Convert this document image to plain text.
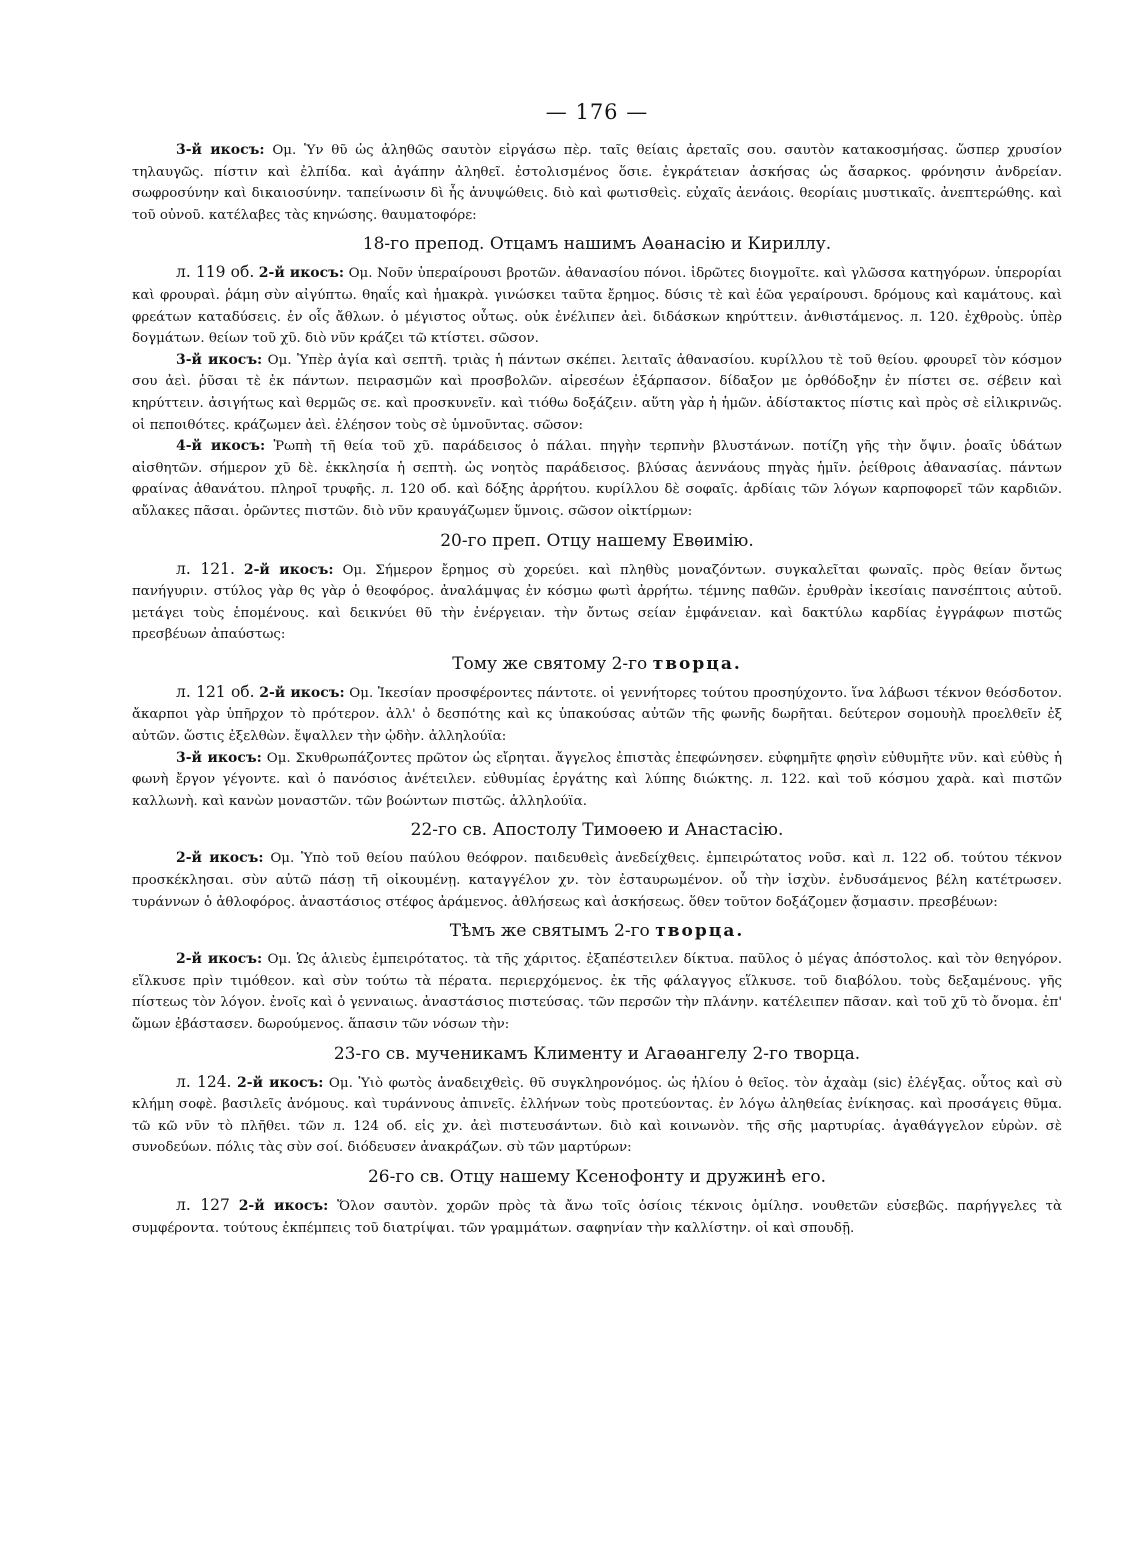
— 176 —

3-й икосъ: Ομ. Ὑν θῦ ὡς ἀληθῶς σαυτὸν εἰργάσω πὲρ. ταῖς θείαις ἀρεταῖς σου. σαυτὸν κατακοσμήσας. ὥσπερ χρυσίον τηλαυγῶς. πίστιν καὶ ἐλπίδα. καὶ ἀγάπην ἀληθεῖ. ἐστολισμένος ὅσιε. ἐγκράτειαν ἀσκήσας ὡς ἄσαρκος. φρόνησιν ἀνδρείαν. σωφροσύνην καὶ δικαιοσύνην. ταπείνωσιν δὶ ἧς ἀνυψώθεις. διὸ καὶ φωτισθεὶς. εὐχαῖς ἀενάοις. θεορίαις μυστικαῖς. ἀνεπτερώθης. καὶ τοῦ οὐνοῦ. κατέλαβες τὰς κηνώσης. θαυματοφόρε:

18-го препод. Отцамъ нашимъ Аѳанасію и Кириллу.

л. 119 об. 2-й икосъ: Ομ. Νοῦν ὑπεραίρουσι βροτῶν. ἀθανασίου πόνοι. ἱδρῶτες διογμοῖτε. καὶ γλῶσσα κατηγόρων. ὑπερορίαι καὶ φρουραὶ. ῥάμη σὺν αἰγύπτω. θηαΐς καὶ ἡμακρὰ. γινώσκει ταῦτα ἔρημος. δύσις τὲ καὶ ἑῶα γεραίρουσι. δρόμους καὶ καμάτους. καὶ φρεάτων καταδύσεις. ἐν οἷς ἄθλων. ὁ μέγιστος οὗτως. οὐκ ἐνέλιπεν ἀεὶ. διδάσκων κηρύττειν. ἀνθιστάμενος. л. 120. ἐχθροὺς. ὑπὲρ δογμάτων. θείων τοῦ χῦ. διὸ νῦν κράζει τῶ κτίστει. σῶσον.

3-й икосъ: Ομ. Ὑπὲρ ἁγία καὶ σεπτῆ. τριὰς ἡ πάντων σκέπει. λειταῖς ἀθανασίου. κυρίλλου τὲ τοῦ θείου. φρουρεῖ τὸν κόσμον σου ἀεὶ. ῥῦσαι τὲ ἐκ πάντων. πειρασμῶν καὶ προσβολῶν. αἱρεσέων ἐξάρπασον. δίδαξον με ὀρθόδοξην ἐν πίστει σε. σέβειν καὶ κηρύττειν. ἀσιγήτως καὶ θερμῶς σε. καὶ προσκυνεῖν. καὶ τιόθω δοξάζειν. αὕτη γὰρ ἡ ἡμῶν. ἀδίστακτος πίστις καὶ πρὸς σὲ εἰλικρινῶς. οἱ πεποιθότες. κράζωμεν ἀεὶ. ἐλέησον τοὺς σὲ ὑμνοῦντας. σῶσον:

4-й икосъ: Ῥωπὴ τῆ θεία τοῦ χῦ. παράδεισος ὁ πάλαι. πηγὴν τερπνὴν βλυστάνων. ποτίζη γῆς τὴν ὄψιν. ῥοαῖς ὑδάτων αἰσθητῶν. σήμερον χῦ δὲ. ἐκκλησία ἡ σεπτὴ. ὡς νοητὸς παράδεισος. βλύσας ἀεννάους πηγὰς ἡμῖν. ῥείθροις ἀθανασίας. πάντων φραίνας ἀθανάτου. πληροῖ τρυφῆς. л. 120 об. καὶ δόξης ἀρρήτου. κυρίλλου δὲ σοφαῖς. ἀρδίαις τῶν λόγων καρποφορεῖ τῶν καρδιῶν. αὔλακες πᾶσαι. ὁρῶντες πιστῶν. διὸ νῦν κραυγάζωμεν ὕμνοις. σῶσον οἰκτίρμων:

20-го преп. Отцу нашему Евѳимію.

л. 121. 2-й икосъ: Ομ. Σήμερον ἔρημος σὺ χορεύει. καὶ πληθὺς μοναζόντων. συγκαλεῖται φωναῖς. πρὸς θείαν ὄντως πανήγυριν. στύλος γὰρ θς γὰρ ὁ θεοφόρος. ἀναλάμψας ἐν κόσμω φωτὶ ἀρρήτω. τέμνης παθῶν. ἐρυθρὰν ἱκεσίαις πανσέπτοις αὐτοῦ. μετάγει τοὺς ἑπομένους. καὶ δεικνύει θῦ τὴν ἐνέργειαν. τὴν ὄντως σείαν ἐμφάνειαν. καὶ δακτύλω καρδίας ἐγγράφων πιστῶς πρεσβέυων ἀπαύστως:

Тому же святому 2-го творца.

л. 121 об. 2-й икосъ: Ομ. Ἱκεσίαν προσφέροντες πάντοτε. οἱ γεννήτορες τούτου προσηύχοντο. ἵνα λάβωσι τέκνον θεόσδοτον. ἄκαρποι γὰρ ὑπῆρχον τὸ πρότερον. ἀλλ' ὁ δεσπότης καὶ κς ὑπακούσας αὐτῶν τῆς φωνῆς δωρῆται. δεύτερον σομουὴλ προελθεῖν ἐξ αὐτῶν. ὥστις ἐξελθὼν. ἔψαλλεν τὴν ᾠδὴν. ἀλληλούϊα:

3-й икосъ: Ομ. Σκυθρωπάζοντες πρῶτον ὡς εἴρηται. ἄγγελος ἐπιστὰς ἐπεφώνησεν. εὐφημῆτε φησὶν εὐθυμῆτε νῦν. καὶ εὐθὺς ἡ φωνὴ ἔργον γέγοντε. καὶ ὁ πανόσιος ἀνέτειλεν. εὐθυμίας ἐργάτης καὶ λύπης διώκτης. л. 122. καὶ τοῦ κόσμου χαρὰ. καὶ πιστῶν καλλωνὴ. καὶ κανὼν μοναστῶν. τῶν βοώντων πιστῶς. ἀλληλούϊα.

22-го св. Апостолу Тимоѳею и Анастасію.

2-й икосъ: Ομ. Ὑπὸ τοῦ θείου παύλου θεόφρον. παιδευθεὶς ἀνεδείχθεις. ἐμπειρώτατος νοῦσ. καὶ л. 122 об. τούτου τέκνον προσκέκλησαι. σὺν αὐτῶ πάσῃ τῆ οἰκουμένῃ. καταγγέλον χν. τὸν ἐσταυρωμένον. οὗ τὴν ἰσχὺν. ἐνδυσάμενος βέλη κατέτρωσεν. τυράννων ὁ ἀθλοφόρος. ἀναστάσιος στέφος ἀράμενος. ἀθλήσεως καὶ ἀσκήσεως. ὅθεν τοῦτον δοξάζομεν ᾄσμασιν. πρεσβέυων:

Тѣмъ же святымъ 2-го творца.

2-й икосъ: Ομ. Ὡς ἁλιεὺς ἐμπειρότατος. τὰ τῆς χάριτος. ἐξαπέστειλεν δίκτυα. παῦλος ὁ μέγας ἀπόστολος. καὶ τὸν θεηγόρον. εἵλκυσε πρὶν τιμόθεον. καὶ σὺν τούτω τὰ πέρατα. περιερχόμενος. ἐκ τῆς φάλαγγος εἵλκυσε. τοῦ διαβόλου. τοὺς δεξαμένους. γῆς πίστεως τὸν λόγον. ἐνοῖς καὶ ὁ γενναιως. ἀναστάσιος πιστεύσας. τῶν περσῶν τὴν πλάνην. κατέλειπεν πᾶσαν. καὶ τοῦ χῦ τὸ ὄνομα. ἐπ' ὤμων ἐβάστασεν. δωρούμενος. ἅπασιν τῶν νόσων τὴν:

23-го св. мученикамъ Клименту и Агаѳангелу 2-го творца.

л. 124. 2-й икосъ: Ομ. Ὑιὸ φωτὸς ἀναδειχθεὶς. θῦ συγκληρονόμος. ὡς ἡλίου ὁ θεῖος. τὸν ἀχαὰμ (sic) ἐλέγξας. οὗτος καὶ σὺ κλήμη σοφὲ. βασιλεῖς ἀνόμους. καὶ τυράννους ἀπινεῖς. ἑλλήνων τοὺς προτεύοντας. ἐν λόγω ἀληθείας ἐνίκησας. καὶ προσάγεις θῦμα. τῶ κῶ νῦν τὸ πλῆθει. τῶν л. 124 об. εἰς χν. ἀεὶ πιστευσάντων. διὸ καὶ κοινωνὸν. τῆς σῆς μαρτυρίας. ἀγαθάγγελον εὑρὼν. σὲ συνοδεύων. πόλις τὰς σὺν σοί. διόδευσεν ἀνακράζων. σὺ τῶν μαρτύρων:

26-го св. Отцу нашему Ксенофонту и дружинѣ его.

л. 127 2-й икосъ: Ὅλον σαυτὸν. χορῶν πρὸς τὰ ἄνω τοῖς ὁσίοις τέκνοις ὁμίλησ. νουθετῶν εὐσεβῶς. παρήγγελες τὰ συμφέροντα. τούτους ἐκπέμπεις τοῦ διατρίψαι. τῶν γραμμάτων. σαφηνίαν τὴν καλλίστην. οἱ καὶ σπουδῇ.
